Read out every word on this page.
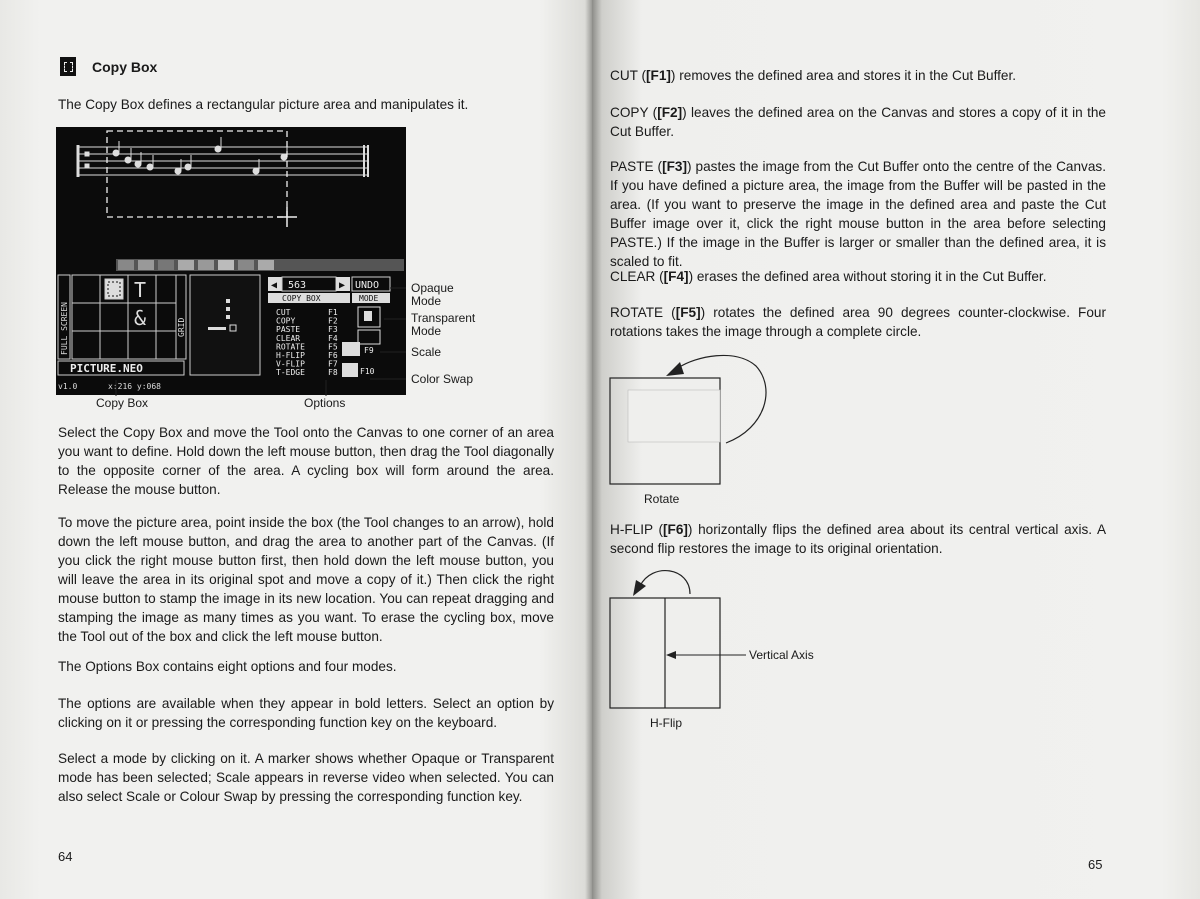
Copy Box
The Copy Box defines a rectangular picture area and manipulates it.
T
&
FULL SCREEN	GRID
PICTURE.NEO
v1.0	x:216 y:068
◀ 563	▶ UNDO
COPY BOX	MODE
CUT	F1
COPY	F2
PASTE	F3
CLEAR	F4
ROTATE	F5
H-FLIP	F6
V-FLIP	F7
T-EDGE	F8
F9
F10
Opaque
Mode
Transparent
Mode
Scale
Color Swap
Copy Box	Options
Select the Copy Box and move the Tool onto the Canvas to one corner of an area you want to define. Hold down the left mouse button, then drag the Tool diagonally to the opposite corner of the area. A cycling box will form around the area. Release the mouse button.
To move the picture area, point inside the box (the Tool changes to an arrow), hold down the left mouse button, and drag the area to another part of the Canvas. (If you click the right mouse button first, then hold down the left mouse button, you will leave the area in its original spot and move a copy of it.) Then click the right mouse button to stamp the image in its new location. You can repeat dragging and stamping the image as many times as you want. To erase the cycling box, move the Tool out of the box and click the left mouse button.
The Options Box contains eight options and four modes.
The options are available when they appear in bold letters. Select an option by clicking on it or pressing the corresponding function key on the keyboard.
Select a mode by clicking on it. A marker shows whether Opaque or Transparent mode has been selected; Scale appears in reverse video when selected. You can also select Scale or Colour Swap by pressing the corresponding function key.
64
CUT ([F1]) removes the defined area and stores it in the Cut Buffer.
COPY ([F2]) leaves the defined area on the Canvas and stores a copy of it in the Cut Buffer.
PASTE ([F3]) pastes the image from the Cut Buffer onto the centre of the Canvas. If you have defined a picture area, the image from the Buffer will be pasted in the area. (If you want to preserve the image in the defined area and paste the Cut Buffer image over it, click the right mouse button in the area before selecting PASTE.) If the image in the Buffer is larger or smaller than the defined area, it is scaled to fit.
CLEAR ([F4]) erases the defined area without storing it in the Cut Buffer.
ROTATE ([F5]) rotates the defined area 90 degrees counter-clockwise. Four rotations takes the image through a complete circle.
H-FLIP ([F6]) horizontally flips the defined area about its central vertical axis. A second flip restores the image to its original orientation.
Rotate
Vertical Axis
H-Flip
65
